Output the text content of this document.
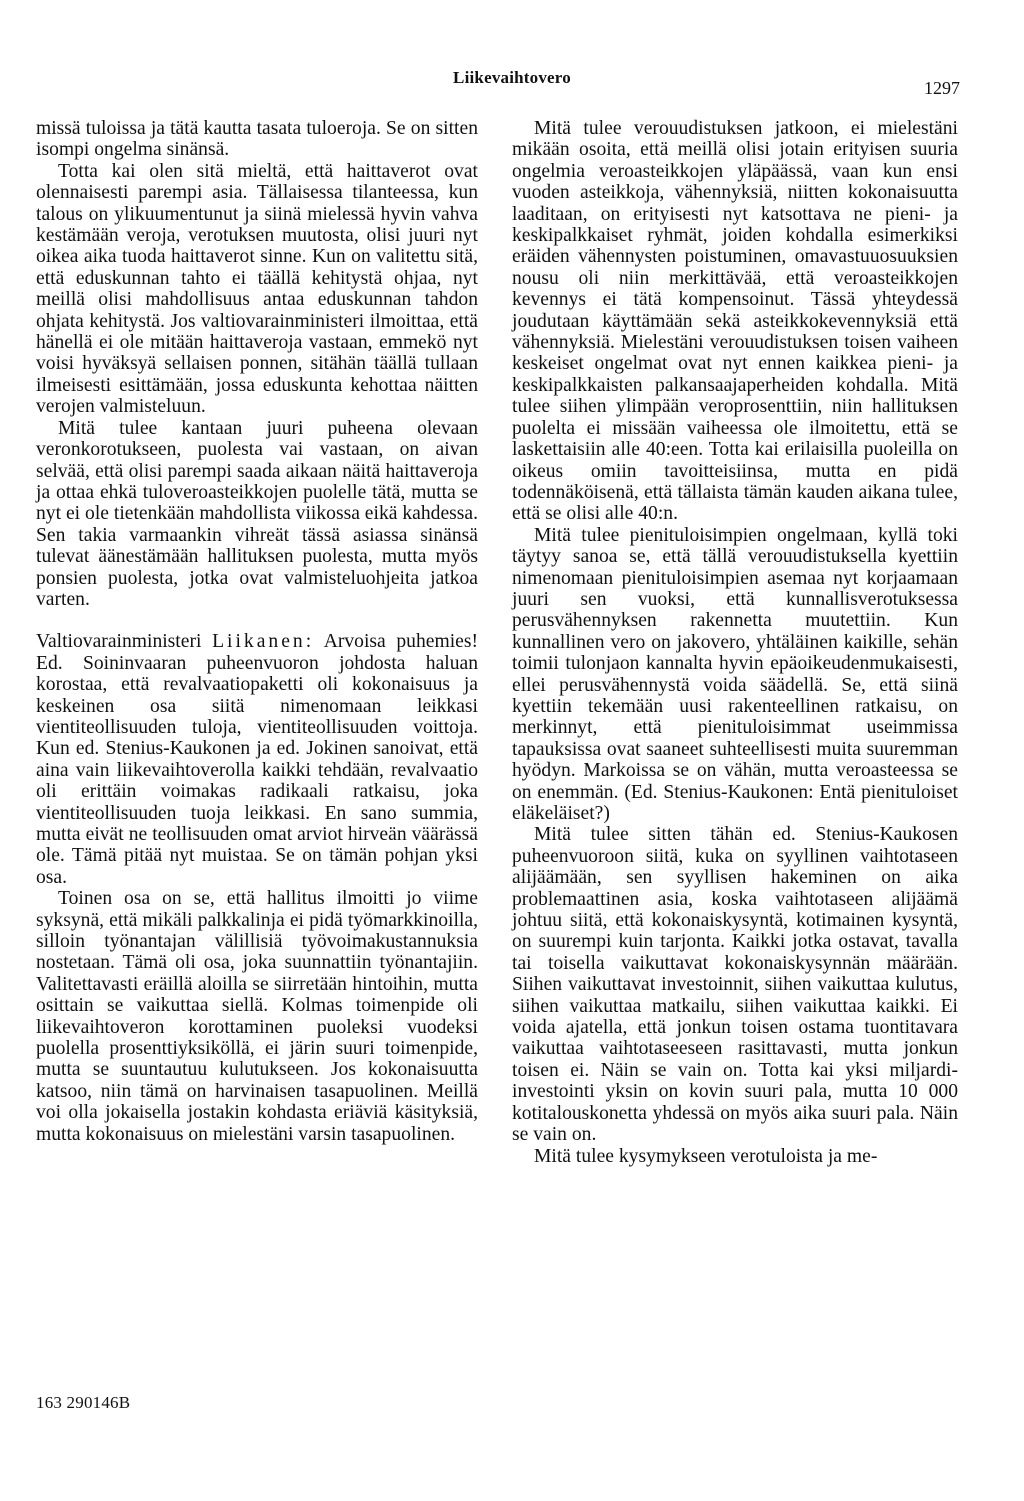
Liikevaihtovero
1297

missä tuloissa ja tätä kautta tasata tuloeroja. Se on sitten isompi ongelma sinänsä.

Totta kai olen sitä mieltä, että haittaverot ovat olennaisesti parempi asia. Tällaisessa tilanteessa, kun talous on ylikuumentunut ja siinä mielessä hyvin vahva kestämään veroja, verotuksen muutosta, olisi juuri nyt oikea aika tuoda haittaverot sinne. Kun on valitettu sitä, että eduskunnan tahto ei täällä kehitystä ohjaa, nyt meillä olisi mahdollisuus antaa eduskunnan tahdon ohjata kehitystä. Jos valtiovarainministeri ilmoittaa, että hänellä ei ole mitään haittaveroja vastaan, emmekö nyt voisi hyväksyä sellaisen ponnen, sitähän täällä tullaan ilmeisesti esittämään, jossa eduskunta kehottaa näitten verojen valmisteluun.

Mitä tulee kantaan juuri puheena olevaan veronkorotukseen, puolesta vai vastaan, on aivan selvää, että olisi parempi saada aikaan näitä haittaveroja ja ottaa ehkä tuloveroasteikkojen puolelle tätä, mutta se nyt ei ole tietenkään mahdollista viikossa eikä kahdessa. Sen takia varmaankin vihreät tässä asiassa sinänsä tulevat äänestämään hallituksen puolesta, mutta myös ponsien puolesta, jotka ovat valmisteluohjeita jatkoa varten.

Valtiovarainministeri Liikanen: Arvoisa puhemies! Ed. Soininvaaran puheenvuoron johdosta haluan korostaa, että revalvaatiopaketti oli kokonaisuus ja keskeinen osa siitä nimenomaan leikkasi vientiteollisuuden tuloja, vientiteollisuuden voittoja. Kun ed. Stenius-Kaukonen ja ed. Jokinen sanoivat, että aina vain liikevaihtoverolla kaikki tehdään, revalvaatio oli erittäin voimakas radikaali ratkaisu, joka vientiteollisuuden tuoja leikkasi. En sano summia, mutta eivät ne teollisuuden omat arviot hirveän väärässä ole. Tämä pitää nyt muistaa. Se on tämän pohjan yksi osa.

Toinen osa on se, että hallitus ilmoitti jo viime syksynä, että mikäli palkkalinja ei pidä työmarkkinoilla, silloin työnantajan välillisiä työvoimakustannuksia nostetaan. Tämä oli osa, joka suunnattiin työnantajiin. Valitettavasti eräillä aloilla se siirretään hintoihin, mutta osittain se vaikuttaa siellä. Kolmas toimenpide oli liikevaihtoveron korottaminen puoleksi vuodeksi puolella prosenttiyksiköllä, ei järin suuri toimenpide, mutta se suuntautuu kulutukseen. Jos kokonaisuutta katsoo, niin tämä on harvinaisen tasapuolinen. Meillä voi olla jokaisella jostakin kohdasta eriäviä käsityksiä, mutta kokonaisuus on mielestäni varsin tasapuolinen.

Mitä tulee verouudistuksen jatkoon, ei mielestäni mikään osoita, että meillä olisi jotain erityisen suuria ongelmia veroasteikkojen yläpäässä, vaan kun ensi vuoden asteikkoja, vähennyksiä, niitten kokonaisuutta laaditaan, on erityisesti nyt katsottava ne pieni- ja keskipalkkaiset ryhmät, joiden kohdalla esimerkiksi eräiden vähennysten poistuminen, omavastuuosuuksien nousu oli niin merkittävää, että veroasteikkojen kevennys ei tätä kompensoinut. Tässä yhteydessä joudutaan käyttämään sekä asteikkokevennyksiä että vähennyksiä. Mielestäni verouudistuksen toisen vaiheen keskeiset ongelmat ovat nyt ennen kaikkea pieni- ja keskipalkkaisten palkansaajaperheiden kohdalla. Mitä tulee siihen ylimpään veroprosenttiin, niin hallituksen puolelta ei missään vaiheessa ole ilmoitettu, että se laskettaisiin alle 40:een. Totta kai erilaisilla puoleilla on oikeus omiin tavoitteisiinsa, mutta en pidä todennäköisenä, että tällaista tämän kauden aikana tulee, että se olisi alle 40:n.

Mitä tulee pienituloisimpien ongelmaan, kyllä toki täytyy sanoa se, että tällä verouudistuksella kyettiin nimenomaan pienituloisimpien asemaa nyt korjaamaan juuri sen vuoksi, että kunnallisverotuksessa perusvähennyksen rakennetta muutettiin. Kun kunnallinen vero on jakovero, yhtäläinen kaikille, sehän toimii tulonjaon kannalta hyvin epäoikeudenmukaisesti, ellei perusvähennystä voida säädellä. Se, että siinä kyettiin tekemään uusi rakenteellinen ratkaisu, on merkinnyt, että pienituloisimmat useimmissa tapauksissa ovat saaneet suhteellisesti muita suuremman hyödyn. Markoissa se on vähän, mutta veroasteessa se on enemmän. (Ed. Stenius-Kaukonen: Entä pienituloiset eläkeläiset?)

Mitä tulee sitten tähän ed. Stenius-Kaukosen puheenvuoroon siitä, kuka on syyllinen vaihtotaseen alijäämään, sen syyllisen hakeminen on aika problemaattinen asia, koska vaihtotaseen alijäämä johtuu siitä, että kokonaiskysyntä, kotimainen kysyntä, on suurempi kuin tarjonta. Kaikki jotka ostavat, tavalla tai toisella vaikuttavat kokonaiskysynnän määrään. Siihen vaikuttavat investoinnit, siihen vaikuttaa kulutus, siihen vaikuttaa matkailu, siihen vaikuttaa kaikki. Ei voida ajatella, että jonkun toisen ostama tuontitavara vaikuttaa vaihtotaseeseen rasittavasti, mutta jonkun toisen ei. Näin se vain on. Totta kai yksi miljardi-investointi yksin on kovin suuri pala, mutta 10 000 kotitalouskonetta yhdessä on myös aika suuri pala. Näin se vain on.

Mitä tulee kysymykseen verotuloista ja me-

163 290146B
